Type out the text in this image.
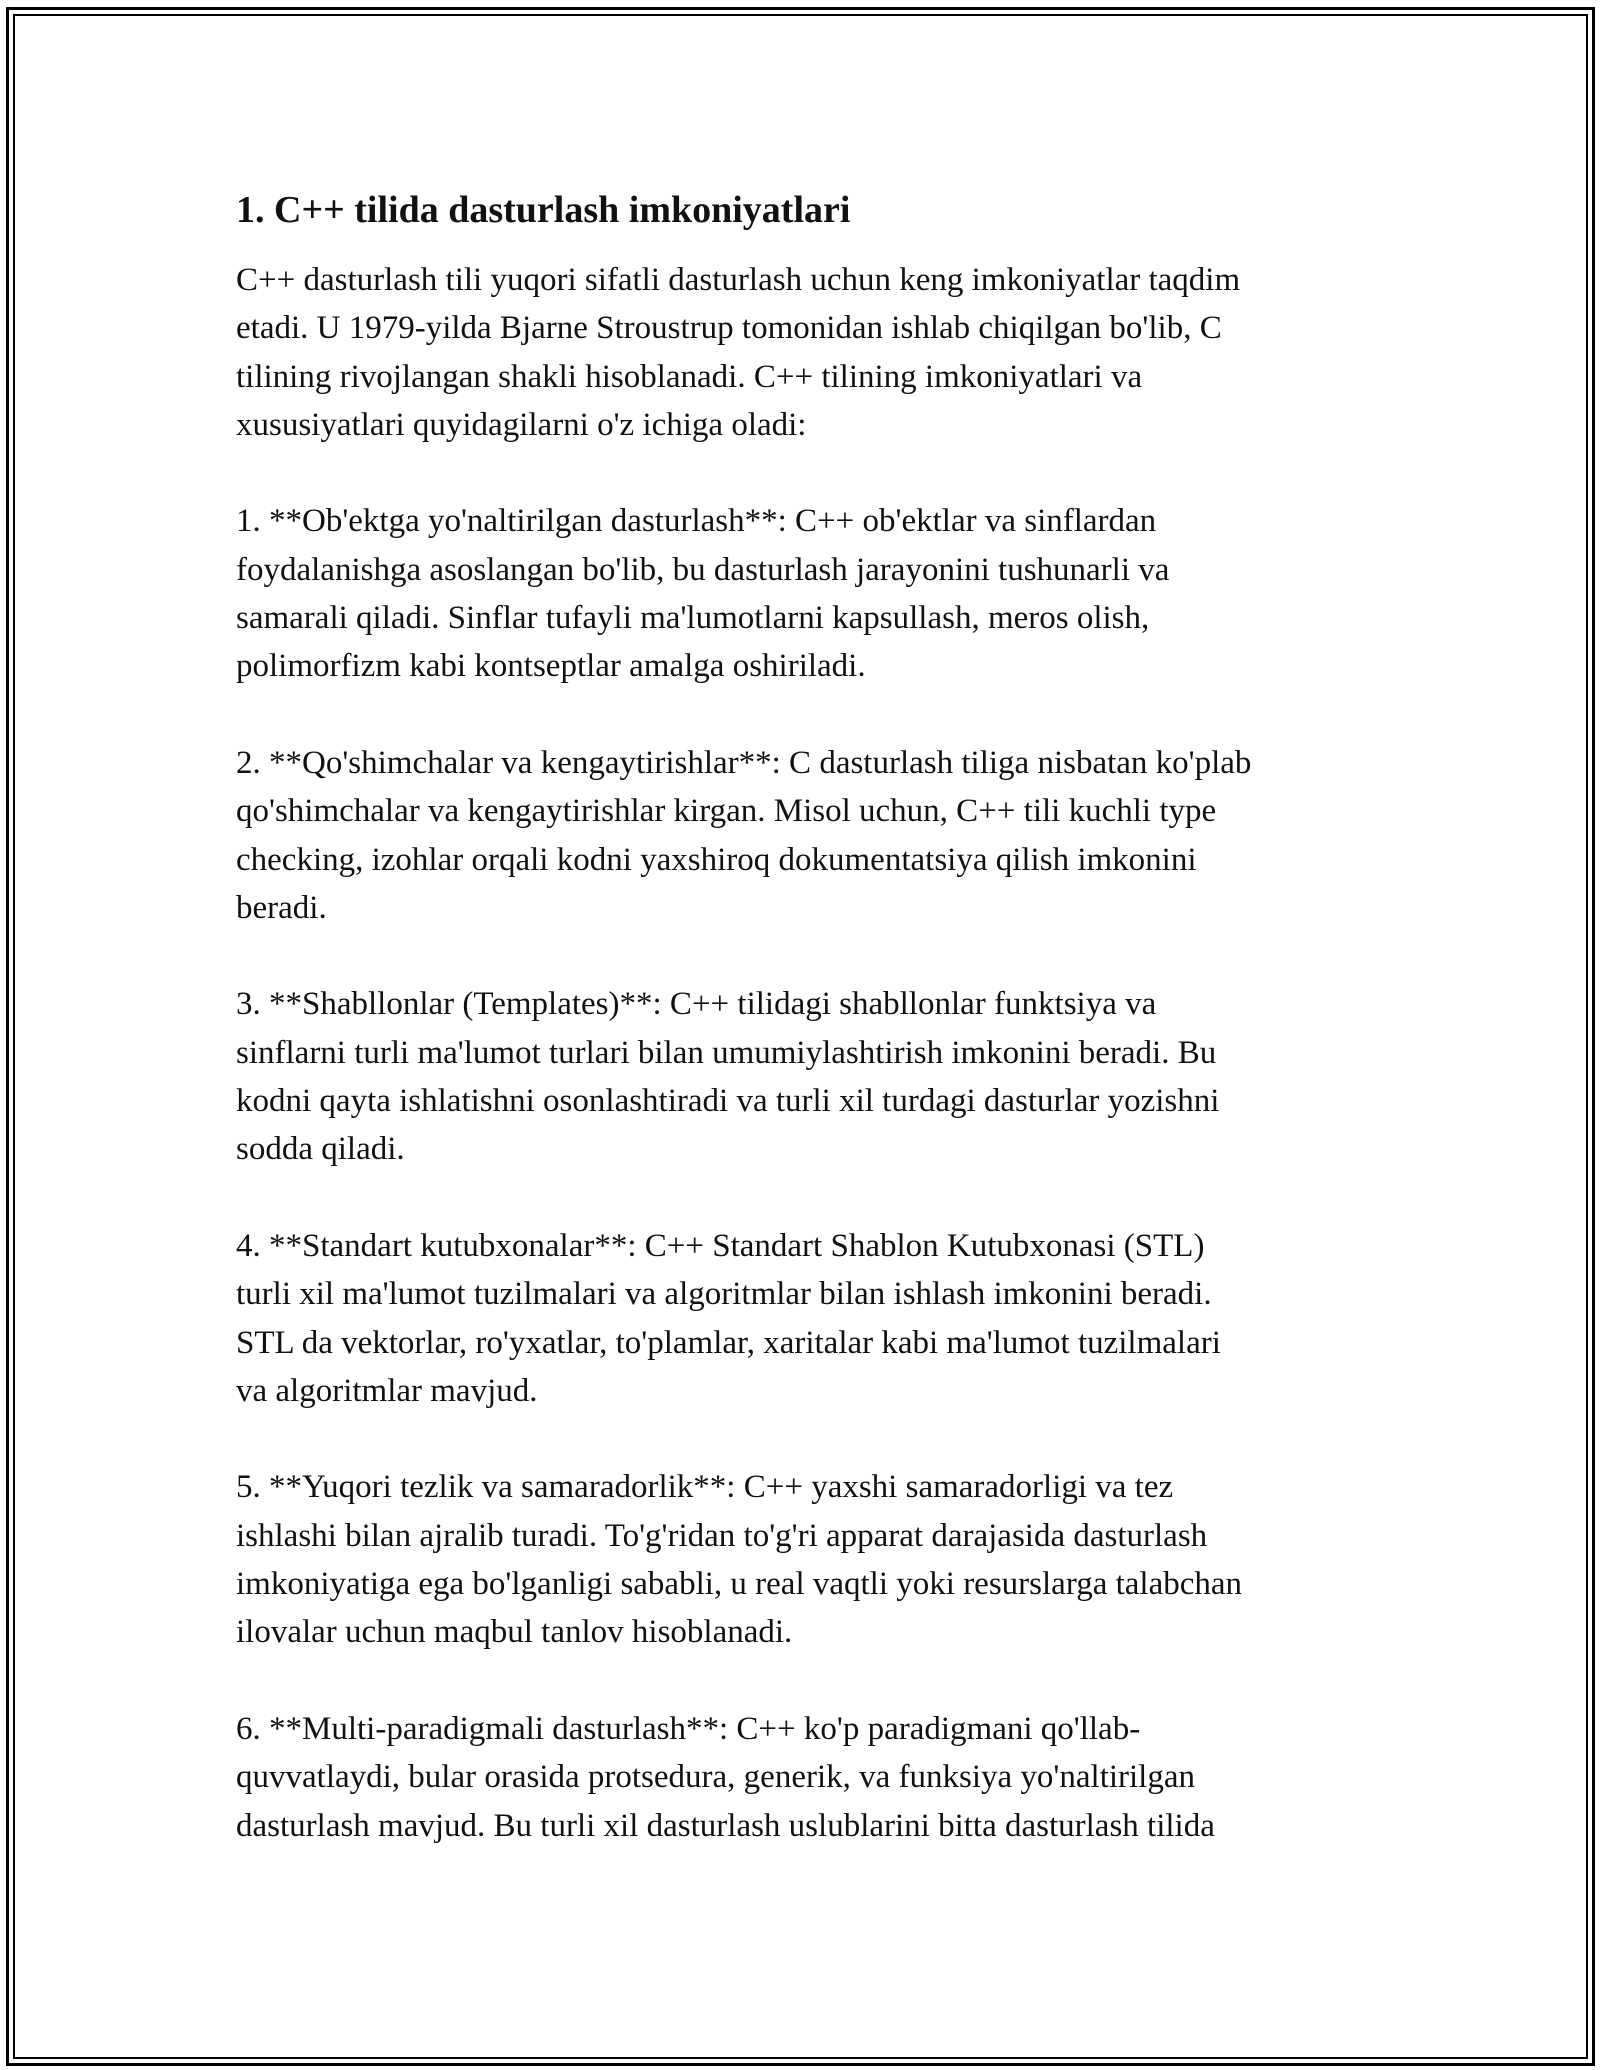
1. C++ tilida dasturlash imkoniyatlari

C++ dasturlash tili yuqori sifatli dasturlash uchun keng imkoniyatlar taqdim
etadi. U 1979-yilda Bjarne Stroustrup tomonidan ishlab chiqilgan bo'lib, C
tilining rivojlangan shakli hisoblanadi. C++ tilining imkoniyatlari va
xususiyatlari quyidagilarni o'z ichiga oladi:

1. **Ob'ektga yo'naltirilgan dasturlash**: C++ ob'ektlar va sinflardan
foydalanishga asoslangan bo'lib, bu dasturlash jarayonini tushunarli va
samarali qiladi. Sinflar tufayli ma'lumotlarni kapsullash, meros olish,
polimorfizm kabi kontseptlar amalga oshiriladi.

2. **Qo'shimchalar va kengaytirishlar**: C dasturlash tiliga nisbatan ko'plab
qo'shimchalar va kengaytirishlar kirgan. Misol uchun, C++ tili kuchli type
checking, izohlar orqali kodni yaxshiroq dokumentatsiya qilish imkonini
beradi.

3. **Shabllonlar (Templates)**: C++ tilidagi shabllonlar funktsiya va
sinflarni turli ma'lumot turlari bilan umumiylashtirish imkonini beradi. Bu
kodni qayta ishlatishni osonlashtiradi va turli xil turdagi dasturlar yozishni
sodda qiladi.

4. **Standart kutubxonalar**: C++ Standart Shablon Kutubxonasi (STL)
turli xil ma'lumot tuzilmalari va algoritmlar bilan ishlash imkonini beradi.
STL da vektorlar, ro'yxatlar, to'plamlar, xaritalar kabi ma'lumot tuzilmalari
va algoritmlar mavjud.

5. **Yuqori tezlik va samaradorlik**: C++ yaxshi samaradorligi va tez
ishlashi bilan ajralib turadi. To'g'ridan to'g'ri apparat darajasida dasturlash
imkoniyatiga ega bo'lganligi sababli, u real vaqtli yoki resurslarga talabchan
ilovalar uchun maqbul tanlov hisoblanadi.

6. **Multi-paradigmali dasturlash**: C++ ko'p paradigmani qo'llab-
quvvatlaydi, bular orasida protsedura, generik, va funksiya yo'naltirilgan
dasturlash mavjud. Bu turli xil dasturlash uslublarini bitta dasturlash tilida
